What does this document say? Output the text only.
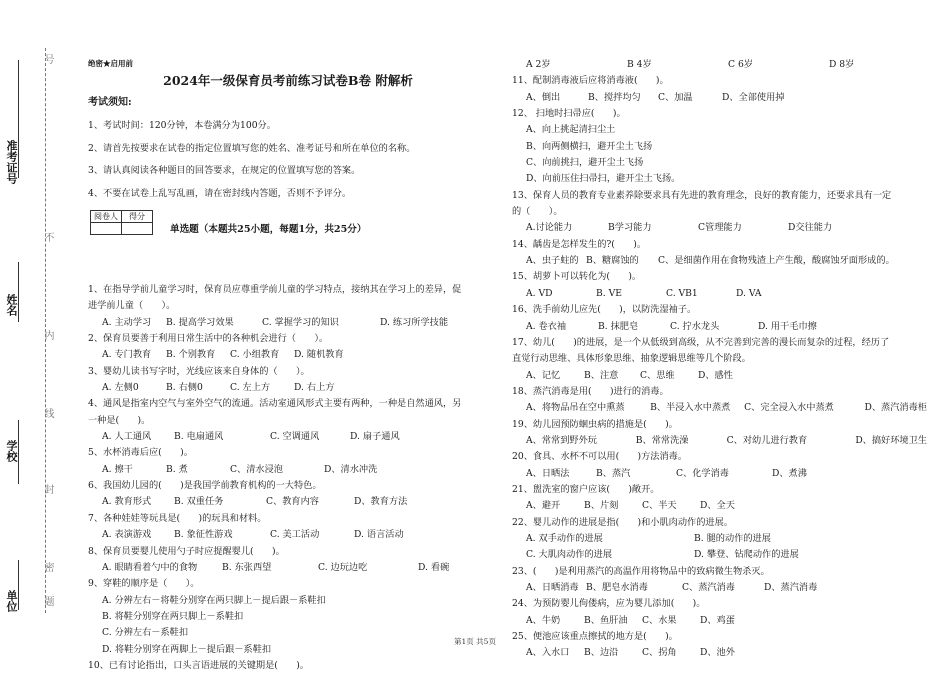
号
不
内
线
封
密
题
准考证号
姓名
学校
单位
绝密★启用前
2024年一级保育员考前练习试卷B卷 附解析
考试须知:
1、考试时间：120分钟，本卷满分为100分。
2、请首先按要求在试卷的指定位置填写您的姓名、准考证号和所在单位的名称。
3、请认真阅读各种题目的回答要求，在规定的位置填写您的答案。
4、不要在试卷上乱写乱画，请在密封线内答题，否则不予评分。
阅卷人	得分

单选题（本题共25小题，每题1分，共25分）
1、在指导学前儿童学习时，保育员应尊重学前儿童的学习特点，接纳其在学习上的差异，促
进学前儿童（　　）。
A. 主动学习	B. 提高学习效果	C. 掌握学习的知识	D. 练习所学技能
2、保育员要善于利用日常生活中的各种机会进行（　　）。
A. 专门教育	B. 个别教育	C. 小组教育	D. 随机教育
3、婴幼儿读书写字时，光线应该来自身体的（　　）。
A. 左侧0	B. 右侧0	C. 左上方	D. 右上方
4、通风是指室内空气与室外空气的流通。活动室通风形式主要有两种，一种是自然通风，另
一种是(　　)。
A. 人工通风	B. 电扇通风	C. 空调通风	D. 扇子通风
5、水杯消毒后应(　　)。
A. 擦干	B. 煮	C、清水浸泡	D、清水冲洗
6、我国幼儿园的(　　)是我国学前教育机构的一大特色。
A. 教育形式	B. 双重任务	C、教育内容	D、教育方法
7、各种娃娃等玩具是(　　)的玩具和材料。
A. 表演游戏	B. 象征性游戏	C. 美工活动	D. 语言活动
8、保育员要婴儿使用勺子时应提醒婴儿(　　)。
A. 眼睛看着勺中的食物	B. 东张西望	C. 边玩边吃	D. 看碗
9、穿鞋的顺序是（　　）。
A. 分辨左右－将鞋分别穿在两只脚上－提后跟－系鞋扣
B. 将鞋分别穿在两只脚上－系鞋扣
C. 分辨左右－系鞋扣
D. 将鞋分别穿在两脚上－提后跟－系鞋扣
10、已有讨论指出，口头言语进展的关键期是(　　)。
A 2岁	B 4岁	C 6岁	D 8岁
11、配制消毒液后应将消毒液(　　)。
A、倒出	B、搅拌均匀	C、加温	D、全部使用掉
12、 扫地时扫帚应(　　)。
A、向上挑起清扫尘土
B、向两侧横扫，避开尘土飞扬
C、向前挑扫，避开尘土飞扬
D、向前压住扫帚扫，避开尘土飞扬。
13、保育人员的教育专业素养除要求具有先进的教育理念，良好的教育能力，还要求具有一定
的（　　）。
A.讨论能力	B学习能力	C管理能力	D交往能力
14、龋齿是怎样发生的?(　　)。
A、虫子蛀的 B、糖腐蚀的	C、是细菌作用在食物残渣上产生酸，酸腐蚀牙面形成的。
15、胡萝卜可以转化为(　　)。
A. VD	B. VE	C. VB1	D. VA
16、洗手前幼儿应先(　　)，以防洗湿袖子。
A. 卷衣袖	B. 抹肥皂	C. 拧水龙头	D. 用干毛巾擦
17、幼儿(　　)的进展，是一个从低级到高级，从不完善到完善的漫长而复杂的过程，经历了
直觉行动思维、具体形象思维、抽象逻辑思维等几个阶段。
A、记忆	B、注意	C、思维	D、感性
18、蒸汽消毒是用(　　)进行的消毒。
A、将物品吊在空中熏蒸	B、半浸入水中蒸煮	C、完全浸入水中蒸煮	D、蒸汽消毒柜
19、幼儿园预防蛔虫病的措施是(　　)。
A、常常到野外玩	B、常常洗澡	C、对幼儿进行教育	D、搞好环境卫生
20、食具、水杯不可以用(　　)方法消毒。
A、日晒法	B、蒸汽	C、化学消毒	D、煮沸
21、盥洗室的窗户应该(　　)敞开。
A、避开	B、片刻	C、半天	D、全天
22、婴儿动作的进展是指(　　)和小肌肉动作的进展。
A. 双手动作的进展	B. 腿的动作的进展
C. 大肌肉动作的进展	D. 攀登、钻爬动作的进展
23、(　　)是利用蒸汽的高温作用将物品中的致病微生物杀灭。
A、日晒消毒 B、肥皂水消毒	C、蒸汽消毒	D、蒸汽消毒
24、为预防婴儿佝偻病，应为婴儿添加(　　)。
A、牛奶	B、鱼肝油	C、水果	D、鸡蛋
25、便池应该重点擦拭的地方是(　　)。
A、入水口	B、边沿	C、拐角	D、池外
第1页 共5页
